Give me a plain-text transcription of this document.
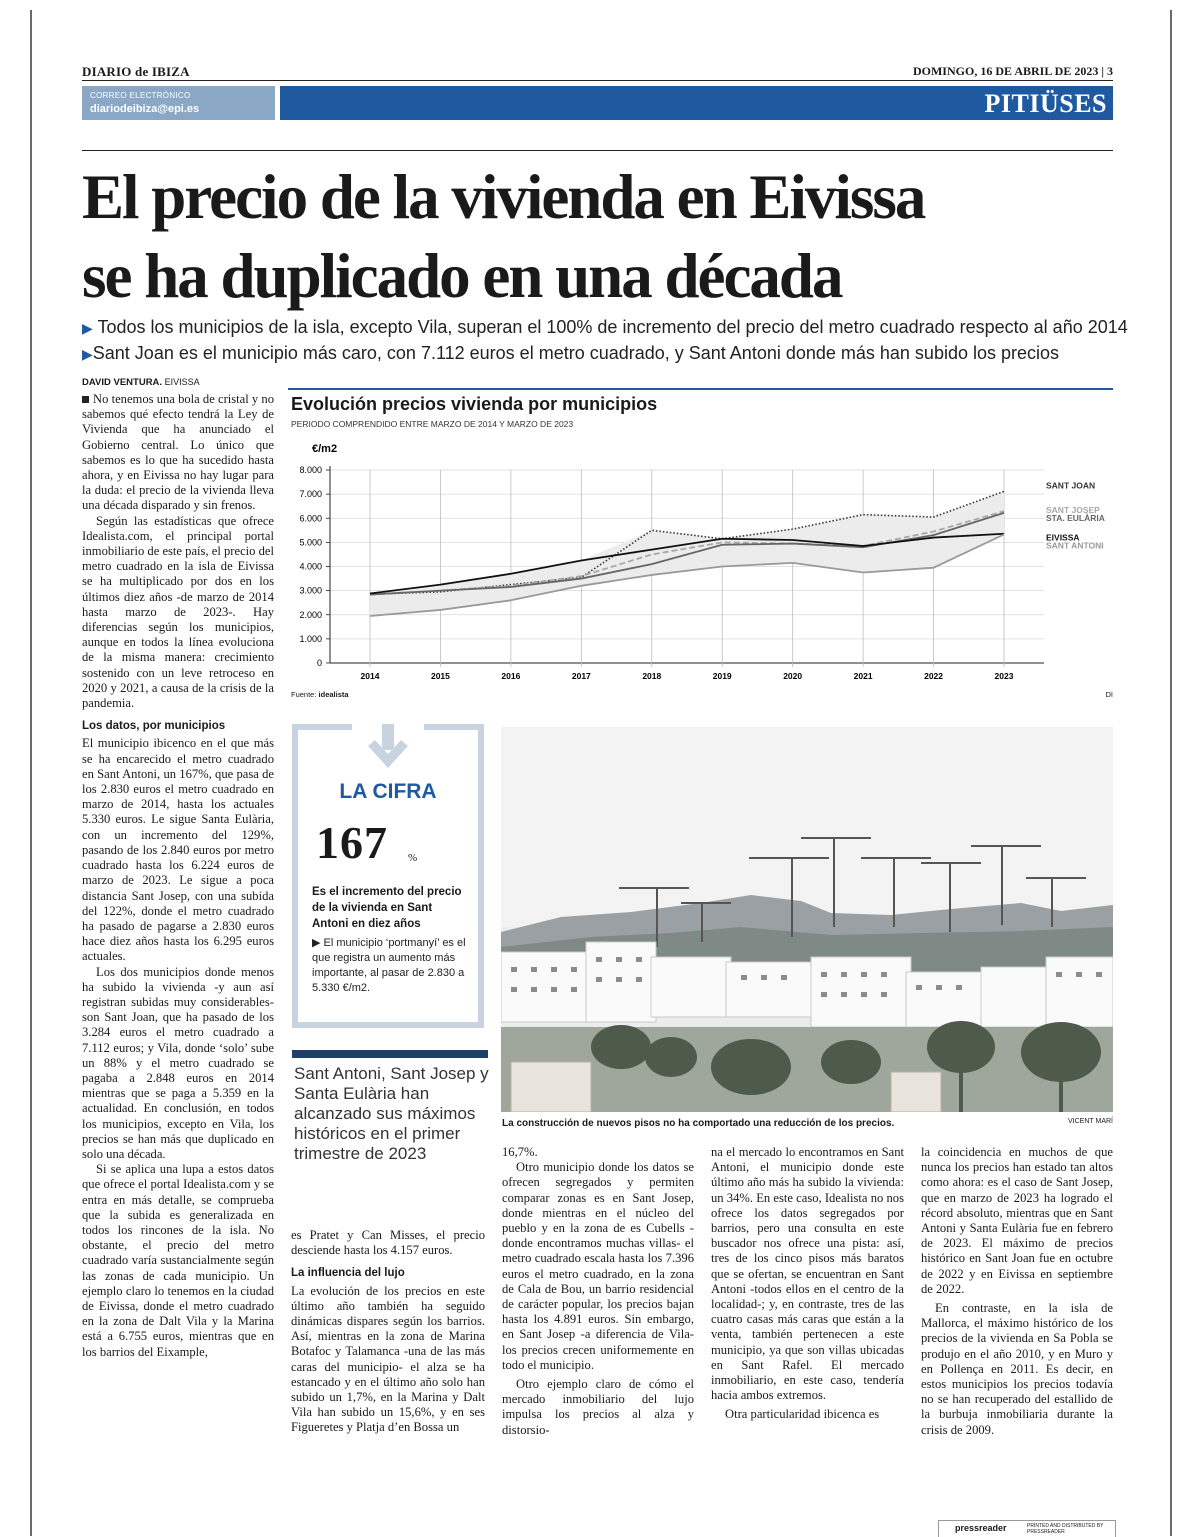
DIARIO de IBIZA	DOMINGO, 16 DE ABRIL DE 2023 | 3
CORREO ELECTRÓNICO
diariodeibiza@epi.es	PITIÜSES
El precio de la vivienda en Eivissa
se ha duplicado en una década
▶ Todos los municipios de la isla, excepto Vila, superan el 100% de incremento del precio del metro cuadrado respecto al año 2014
▶Sant Joan es el municipio más caro, con 7.112 euros el metro cuadrado, y Sant Antoni donde más han subido los precios
DAVID VENTURA. EIVISSA

No tenemos una bola de cristal y no sabemos qué efecto tendrá la Ley de Vivienda que ha anunciado el Gobierno central. Lo único que sabemos es lo que ha sucedido hasta ahora, y en Eivissa no hay lugar para la duda: el precio de la vivienda lleva una década disparado y sin frenos.

Según las estadísticas que ofrece Idealista.com, el principal portal inmobiliario de este país, el precio del metro cuadrado en la isla de Eivissa se ha multiplicado por dos en los últimos diez años -de marzo de 2014 hasta marzo de 2023-. Hay diferencias según los municipios, aunque en todos la línea evoluciona de la misma manera: crecimiento sostenido con un leve retroceso en 2020 y 2021, a causa de la crisis de la pandemia.

Los datos, por municipios

El municipio ibicenco en el que más se ha encarecido el metro cuadrado en Sant Antoni, un 167%, que pasa de los 2.830 euros el metro cuadrado en marzo de 2014, hasta los actuales 5.330 euros. Le sigue Santa Eulària, con un incremento del 129%, pasando de los 2.840 euros por metro cuadrado hasta los 6.224 euros de marzo de 2023. Le sigue a poca distancia Sant Josep, con una subida del 122%, donde el metro cuadrado ha pasado de pagarse a 2.830 euros hace diez años hasta los 6.295 euros actuales.

Los dos municipios donde menos ha subido la vivienda -y aun así registran subidas muy considerables- son Sant Joan, que ha pasado de los 3.284 euros el metro cuadrado a 7.112 euros; y Vila, donde ‘solo’ sube un 88% y el metro cuadrado se pagaba a 2.848 euros en 2014 mientras que se paga a 5.359 en la actualidad. En conclusión, en todos los municipios, excepto en Vila, los precios se han más que duplicado en solo una década.

Si se aplica una lupa a estos datos que ofrece el portal Idealista.com y se entra en más detalle, se comprueba que la subida es generalizada en todos los rincones de la isla. No obstante, el precio del metro cuadrado varía sustancialmente según las zonas de cada municipio. Un ejemplo claro lo tenemos en la ciudad de Eivissa, donde el metro cuadrado en la zona de Dalt Vila y la Marina está a 6.755 euros, mientras que en los barrios del Eixample,

Evolución precios vivienda por municipios
PERIODO COMPRENDIDO ENTRE MARZO DE 2014 Y MARZO DE 2023
€/m2
0
1.000
2.000
3.000
4.000
5.000
6.000
7.000
8.000
2014	2015	2016	2017	2018	2019	2020	2021	2022	2023
SANT JOAN
SANT JOSEP
STA. EULÀRIA
EIVISSA
SANT ANTONI
Fuente: idealista	DI
LA CIFRA
167 %
Es el incremento del precio de la vivienda en Sant Antoni en diez años
▶ El municipio ‘portmanyí’ es el que registra un aumento más importante, al pasar de 2.830 a 5.330 €/m2.
Sant Antoni, Sant Josep y Santa Eulària han alcanzado sus máximos históricos en el primer trimestre de 2023
La construcción de nuevos pisos no ha comportado una reducción de los precios.	VICENT MARÍ

es Pratet y Can Misses, el precio desciende hasta los 4.157 euros.

La influencia del lujo

La evolución de los precios en este último año también ha seguido dinámicas dispares según los barrios. Así, mientras en la zona de Marina Botafoc y Talamanca -una de las más caras del municipio- el alza se ha estancado y en el último año solo han subido un 1,7%, en la Marina y Dalt Vila han subido un 15,6%, y en ses Figueretes y Platja d’en Bossa un

16,7%.

Otro municipio donde los datos se ofrecen segregados y permiten comparar zonas es en Sant Josep, donde mientras en el núcleo del pueblo y en la zona de es Cubells -donde encontramos muchas villas- el metro cuadrado escala hasta los 7.396 euros el metro cuadrado, en la zona de Cala de Bou, un barrio residencial de carácter popular, los precios bajan hasta los 4.891 euros. Sin embargo, en Sant Josep -a diferencia de Vila- los precios crecen uniformemente en todo el municipio.

Otro ejemplo claro de cómo el mercado inmobiliario del lujo impulsa los precios al alza y distorsio-

na el mercado lo encontramos en Sant Antoni, el municipio donde este último año más ha subido la vivienda: un 34%. En este caso, Idealista no nos ofrece los datos segregados por barrios, pero una consulta en este buscador nos ofrece una pista: así, tres de los cinco pisos más baratos que se ofertan, se encuentran en Sant Antoni -todos ellos en el centro de la localidad-; y, en contraste, tres de las cuatro casas más caras que están a la venta, también pertenecen a este municipio, ya que son villas ubicadas en Sant Rafel. El mercado inmobiliario, en este caso, tendería hacia ambos extremos.

Otra particularidad ibicenca es

la coincidencia en muchos de que nunca los precios han estado tan altos como ahora: es el caso de Sant Josep, que en marzo de 2023 ha logrado el récord absoluto, mientras que en Sant Antoni y Santa Eulària fue en febrero de 2023. El máximo de precios histórico en Sant Joan fue en octubre de 2022 y en Eivissa en septiembre de 2022.

En contraste, en la isla de Mallorca, el máximo histórico de los precios de la vivienda en Sa Pobla se produjo en el año 2010, y en Muro y en Pollença en 2011. Es decir, en estos municipios los precios todavía no se han recuperado del estallido de la burbuja inmobiliaria durante la crisis de 2009.

pressreader	PRINTED AND DISTRIBUTED BY PRESSREADER
